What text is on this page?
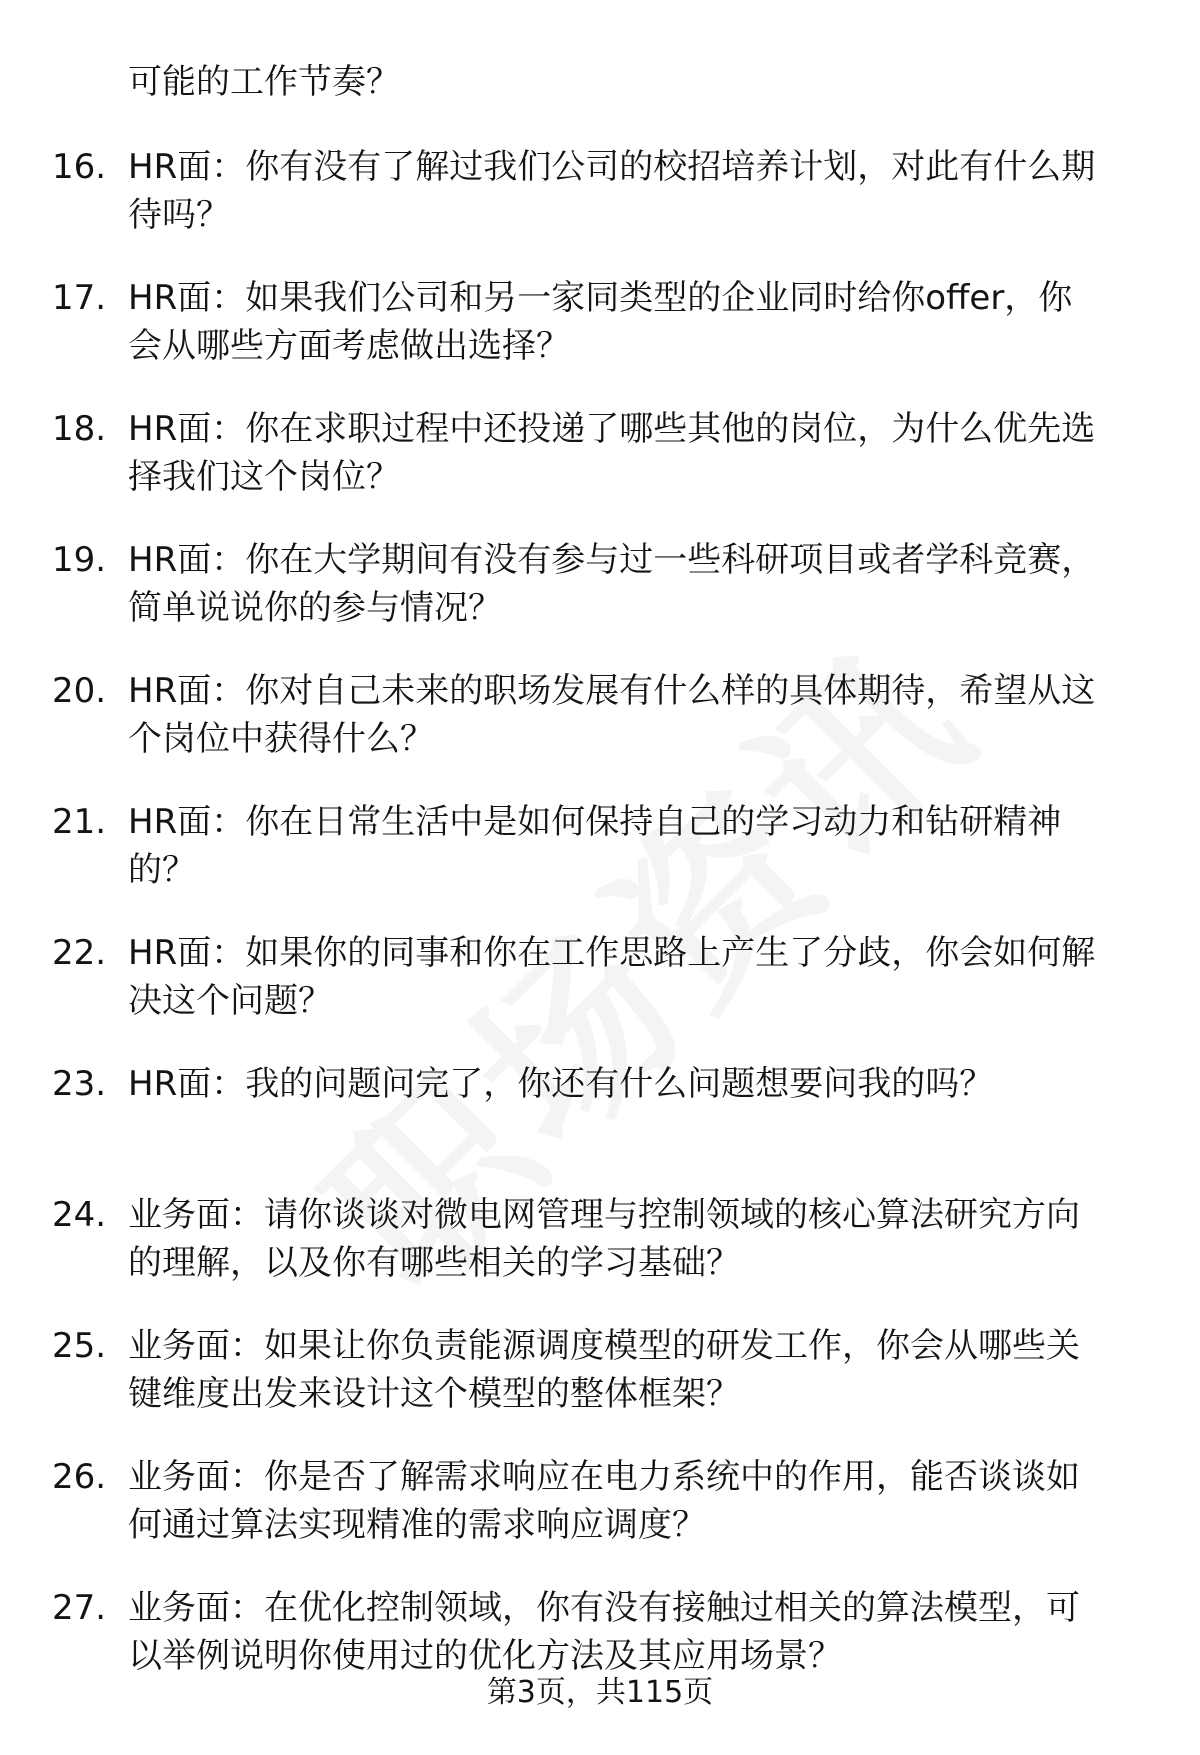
可能的工作节奏？
16. HR面：你有没有了解过我们公司的校招培养计划，对此有什么期
待吗？
17. HR面：如果我们公司和另一家同类型的企业同时给你offer，你
会从哪些方面考虑做出选择？
18. HR面：你在求职过程中还投递了哪些其他的岗位，为什么优先选
择我们这个岗位？
19. HR面：你在大学期间有没有参与过一些科研项目或者学科竞赛，
简单说说你的参与情况？
20. HR面：你对自己未来的职场发展有什么样的具体期待，希望从这
个岗位中获得什么？
21. HR面：你在日常生活中是如何保持自己的学习动力和钻研精神
的？
22. HR面：如果你的同事和你在工作思路上产生了分歧，你会如何解
决这个问题？
23. HR面：我的问题问完了，你还有什么问题想要问我的吗？
24. 业务面：请你谈谈对微电网管理与控制领域的核心算法研究方向
的理解，以及你有哪些相关的学习基础？
25. 业务面：如果让你负责能源调度模型的研发工作，你会从哪些关
键维度出发来设计这个模型的整体框架？
26. 业务面：你是否了解需求响应在电力系统中的作用，能否谈谈如
何通过算法实现精准的需求响应调度？
27. 业务面：在优化控制领域，你有没有接触过相关的算法模型，可
以举例说明你使用过的优化方法及其应用场景？
第3页，共115页
